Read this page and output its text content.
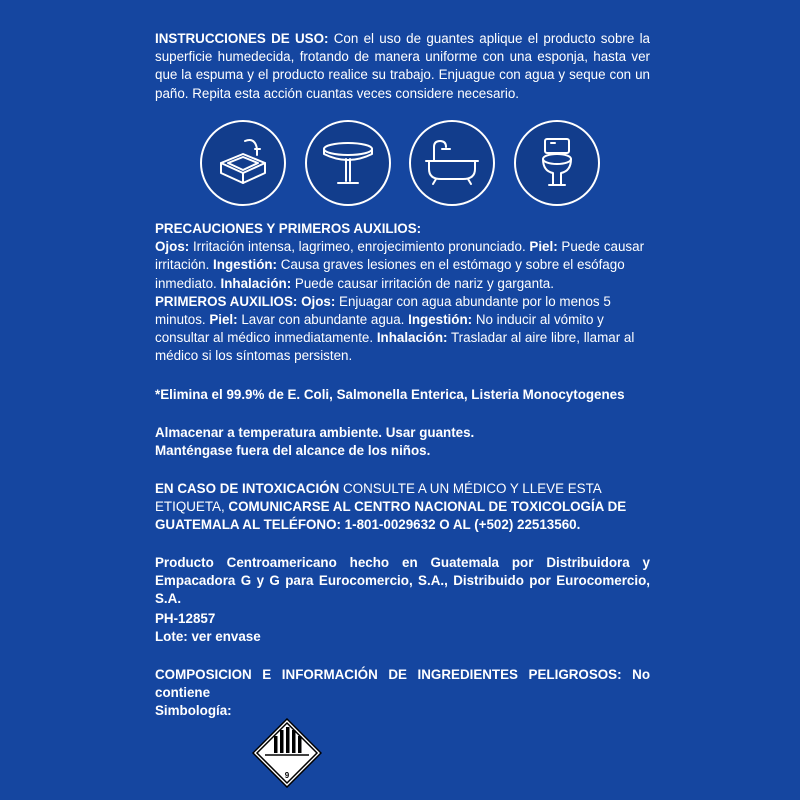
INSTRUCCIONES DE USO: Con el uso de guantes aplique el producto sobre la superficie humedecida, frotando de manera uniforme con una esponja, hasta ver que la espuma y el producto realice su trabajo. Enjuague con agua y seque con un paño. Repita esta acción cuantas veces considere necesario.
PRECAUCIONES Y PRIMEROS AUXILIOS:
Ojos: Irritación intensa, lagrimeo, enrojecimiento pronunciado. Piel: Puede causar irritación. Ingestión: Causa graves lesiones en el estómago y sobre el esófago inmediato. Inhalación: Puede causar irritación de nariz y garganta.
PRIMEROS AUXILIOS: Ojos: Enjuagar con agua abundante por lo menos 5 minutos. Piel: Lavar con abundante agua. Ingestión: No inducir al vómito y consultar al médico inmediatamente. Inhalación: Trasladar al aire libre, llamar al médico si los síntomas persisten.
*Elimina el 99.9% de E. Coli, Salmonella Enterica, Listeria Monocytogenes
Almacenar a temperatura ambiente. Usar guantes.
Manténgase fuera del alcance de los niños.
EN CASO DE INTOXICACIÓN CONSULTE A UN MÉDICO Y LLEVE ESTA ETIQUETA, COMUNICARSE AL CENTRO NACIONAL DE TOXICOLOGÍA DE GUATEMALA AL TELÉFONO: 1-801-0029632 O AL (+502) 22513560.
Producto Centroamericano hecho en Guatemala por Distribuidora y Empacadora G y G para Eurocomercio, S.A., Distribuido por Eurocomercio, S.A.
PH-12857
Lote: ver envase
COMPOSICION E INFORMACIÓN DE INGREDIENTES PELIGROSOS: No contiene
Simbología:
9
